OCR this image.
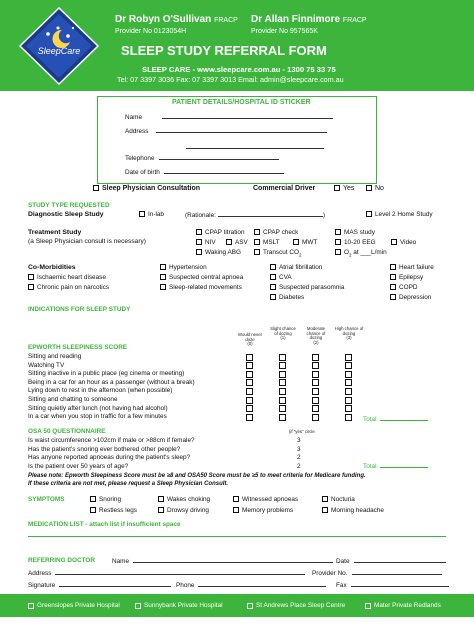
SleepCare
Dr Robyn O'Sullivan FRACP
Provider No 0123054H
Dr Allan Finnimore FRACP
Provider No 957565K
SLEEP STUDY REFERRAL FORM
SLEEP CARE - www.sleepcare.com.au - 1300 75 33 75
Tel: 07 3397 3036 Fax: 07 3397 3013 Email: admin@sleepcare.com.au
PATIENT DETAILS/HOSPITAL ID STICKER
Name
Address
Telephone
Date of birth
Sleep Physician Consultation	Commercial Driver	Yes	No
STUDY TYPE REQUESTED
Diagnostic Sleep Study	In-lab	(Rationale:	)	Level 2 Home Study
Treatment Study
(a Sleep Physician consult is necessary)
CPAP titration	CPAP check	MAS study
NIV	ASV	MSLT	MWT	10-20 EEG	Video
Waking ABG	Transcut $CO_2$	$O_2$ at ___L/min
Co-Morbidities
Ischaemic heart disease
Chronic pain on narcotics
Hypertension
Suspected central apnoea
Sleep-related movements
Atrial fibrillation
CVA
Suspected parasomnia
Diabetes
Heart failure
Epilepsy
COPD
Depression
INDICATIONS FOR SLEEP STUDY
Would never doze
(0)
Slight chance of dozing
(1)
Moderate chance of dozing
(2)
High chance of dozing
(3)
EPWORTH SLEEPINESS SCORE
Sitting and reading
Watching TV
Sitting inactive in a public place (eg cinema or meeting)
Being in a car for an hour as a passenger (without a break)
Lying down to rest in the afternoon (when possible)
Sitting and chatting to someone
Sitting quietly after lunch (not having had alcohol)
In a car when you stop in traffic for a few minutes	Total
(if "yes" circle
OSA 50 QUESTIONNAIRE
Is waist circumference >102cm if male or >88cm if female?	3
Has the patient's snoring ever bothered other people?	3
Has anyone reported apnoeas during the patient's sleep?	2
Is the patient over 50 years of age?	2	Total
Please note: Epworth Sleepiness Score must be ≥8 and OSA50 Score must be ≥5 to meet criteria for Medicare funding.
If these criteria are not met, please request a Sleep Physician Consult.
SYMPTOMS	Snoring	Wakes choking	Witnessed apnoeas	Nocturia
Restless legs	Drowsy driving	Memory problems	Morning headache
MEDICATION LIST - attach list if insufficient space
REFERRING DOCTOR	Name	Date
Address	Provider No.
Signature	Phone	Fax
Greenslopes Private Hospital	Sunnybank Private Hospital	St Andrews Place Sleep Centre	Mater Private Redlands
